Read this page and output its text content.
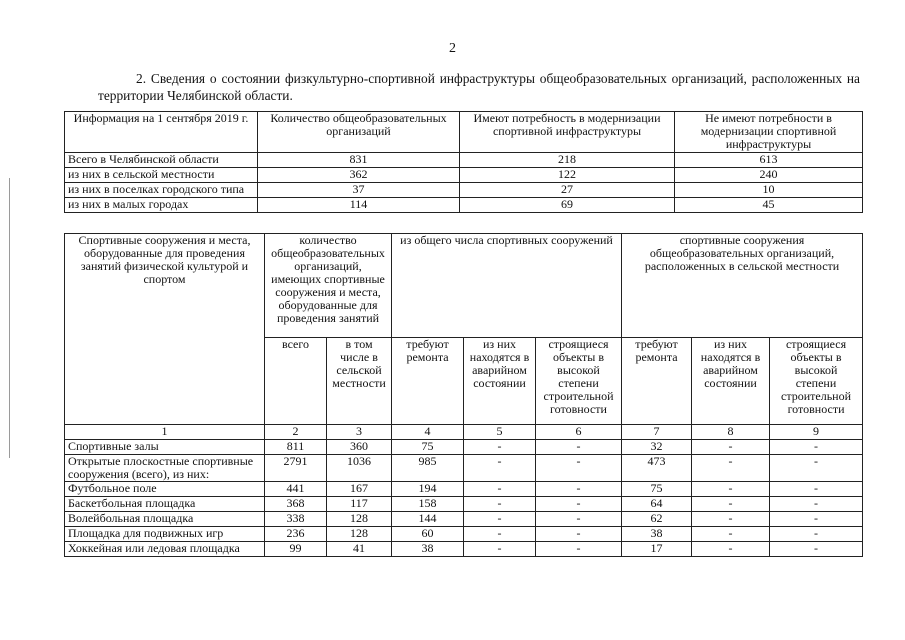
2
2. Сведения о состоянии физкультурно-спортивной инфраструктуры общеобразовательных организаций, расположенных на территории Челябинской области.
Информация на 1 сентября 2019 г.	Количество общеобразовательных организаций	Имеют потребность в модернизации спортивной инфраструктуры	Не имеют потребности в модернизации спортивной инфраструктуры
Всего в Челябинской области	831	218	613
из них в сельской местности	362	122	240
из них в поселках городского типа	37	27	10
из них в малых городах	114	69	45
Спортивные сооружения и места, оборудованные для проведения занятий физической культурой и спортом	количество общеобразовательных организаций, имеющих спортивные сооружения и места, оборудованные для проведения занятий		из общего числа спортивных сооружений			спортивные сооружения общеобразовательных организаций, расположенных в сельской местности		
	всего	в том числе в сельской местности	требуют ремонта	из них находятся в аварийном состоянии	строящиеся объекты в высокой степени строительной готовности	требуют ремонта	из них находятся в аварийном состоянии	строящиеся объекты в высокой степени строительной готовности
1	2	3	4	5	6	7	8	9
Спортивные залы	811	360	75	-	-	32	-	-
Открытые плоскостные спортивные сооружения (всего), из них:	2791	1036	985	-	-	473	-	-
Футбольное поле	441	167	194	-	-	75	-	-
Баскетбольная площадка	368	117	158	-	-	64	-	-
Волейбольная площадка	338	128	144	-	-	62	-	-
Площадка для подвижных игр	236	128	60	-	-	38	-	-
Хоккейная или ледовая площадка	99	41	38	-	-	17	-	-
